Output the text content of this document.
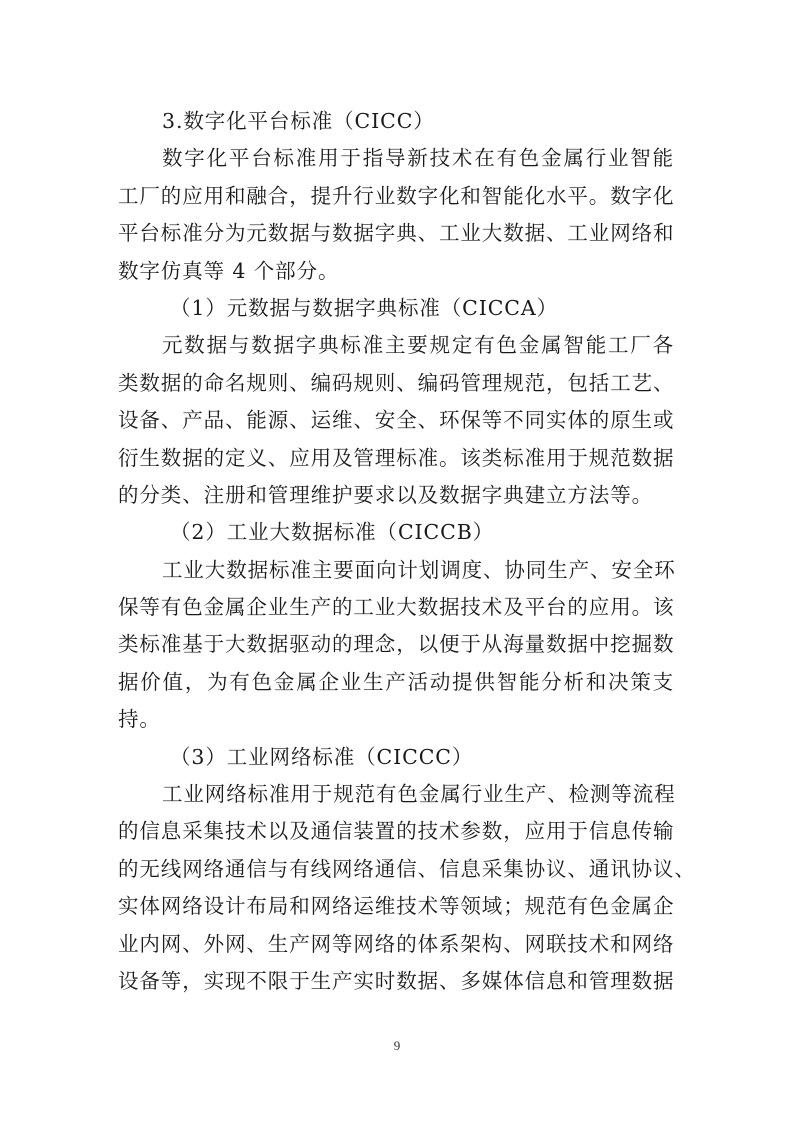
3.数字化平台标准（CICC）
数字化平台标准用于指导新技术在有色金属行业智能
工厂的应用和融合，提升行业数字化和智能化水平。数字化
平台标准分为元数据与数据字典、工业大数据、工业网络和
数字仿真等 4 个部分。
（1）元数据与数据字典标准（CICCA）
元数据与数据字典标准主要规定有色金属智能工厂各
类数据的命名规则、编码规则、编码管理规范，包括工艺、
设备、产品、能源、运维、安全、环保等不同实体的原生或
衍生数据的定义、应用及管理标准。该类标准用于规范数据
的分类、注册和管理维护要求以及数据字典建立方法等。
（2）工业大数据标准（CICCB）
工业大数据标准主要面向计划调度、协同生产、安全环
保等有色金属企业生产的工业大数据技术及平台的应用。该
类标准基于大数据驱动的理念，以便于从海量数据中挖掘数
据价值，为有色金属企业生产活动提供智能分析和决策支
持。
（3）工业网络标准（CICCC）
工业网络标准用于规范有色金属行业生产、检测等流程
的信息采集技术以及通信装置的技术参数，应用于信息传输
的无线网络通信与有线网络通信、信息采集协议、通讯协议、
实体网络设计布局和网络运维技术等领域；规范有色金属企
业内网、外网、生产网等网络的体系架构、网联技术和网络
设备等，实现不限于生产实时数据、多媒体信息和管理数据
9
